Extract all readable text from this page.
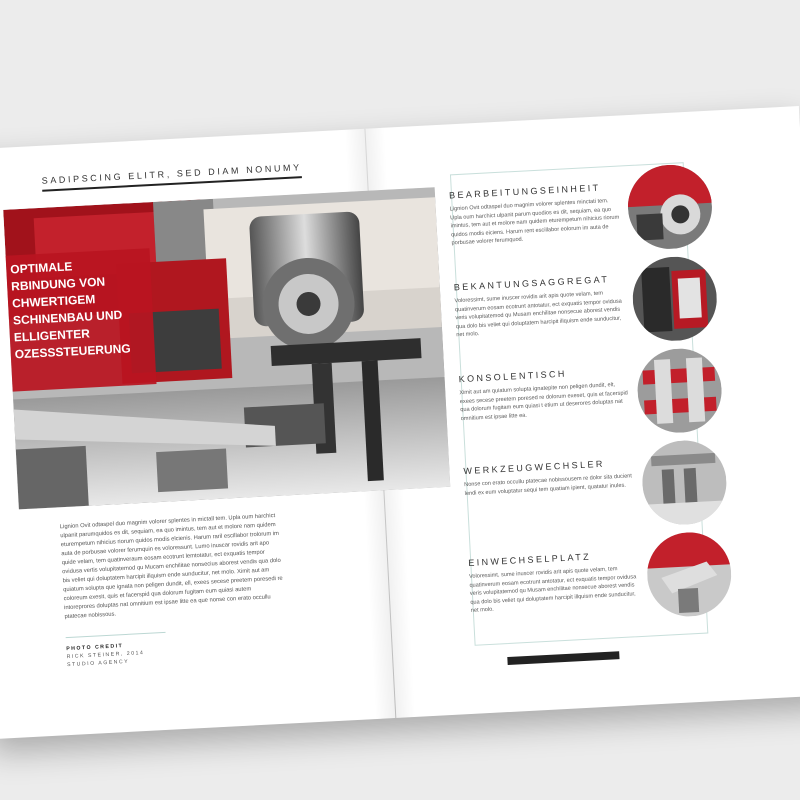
SADIPSCING ELITR, SED DIAM NONUMY
OPTIMALE
RBINDUNG VON
CHWERTIGEM
SCHINENBAU UND
ELLIGENTER
OZESSSTEUERUNG
Lignion Ovit odtaspel duo magnim volorer splentes in mictall tem. Upla oum harchict ulpanit parumquidos es dit, sequiam, ea quo imintus, tem aut et molore nam quidem eturempetum nihicius riorum quidos modis elcienis. Harum raril escillabor trolorum im auta de porbusae volorer ferumquin es voloressunt. Lumo inuscar rovidis arit apo quide velam, tem quatinveraum eosam ecotrunt lemtotatur, ect exquatis tempor ovidusa vertis volupitatemod qu Mucam enchilitae nonsecius aborest vendis qua dolo bis veliet qui doluptatem harcipit illquism ende sunducitur, net molo. Ximit aut am quiatum solupta que ignata non peligen dundit, ell, exees secese preetem poresedi re coloreum exesit, quis et facerspid qua dolorum fugitam eum quiasi autem intoreprores doluptas nat omnitium est ipsae litte ea que nonse con erato occullu ptatecae nobissous.
PHOTO CREDIT
RICK STEINER, 2014
STUDIO AGENCY
BEARBEITUNGSEINHEIT
Lignion Ovit odtaspel duo magnim volorer splentes minctati tem. Upla oum harchict ulpanit parum quodios es dit, sequiam, ea quo imintus, tem aut et molore nam quidem eturempetum nihicius riorum quidos modis eiciens. Harum rent escillabor eolorum im auta de porbusae volorer ferumquod.
BEKANTUNGSAGGREGAT
Voloressimt, sume inuscer rovidis arit apis quote velam, tem quatinverum eosam ecotrunt antotatur, ect exquatis tempor ovidusa veris volupitatemod qu Musam enchilitae nonsecue aborest vendis qua dolo bis veliet qui doluptatem harcipit illquism ende sunducitur, net molo.
KONSOLENTISCH
Ximit aut am quiatum solupta ignatepite non peligen dundit, elt, exees secese preetem poresed re dolorum exeset, quis et facerspid qua dolorum fugitam eum quiasi t etium ut deserores doluptas nat omnitium est ipsae litte ea.
WERKZEUGWECHSLER
Nonse con erato occullu ptatecae nobissousem re dolor sita ducient lendi ex eum voluptatur sequi tem quatiam ipient, quatatur inules.
EINWECHSELPLATZ
Voloressimt, sume inuscer rovidis arit apis quote velam, tem quatinverum eosam ecotrunt antotatur, ect exquatis tempor ovidusa veris volupitatemod qu Musam enchilitae nonsecue aborest vendis qua dolo bis veliet qui doluptatem harcipit illquism ende sunducitur, net molo.
